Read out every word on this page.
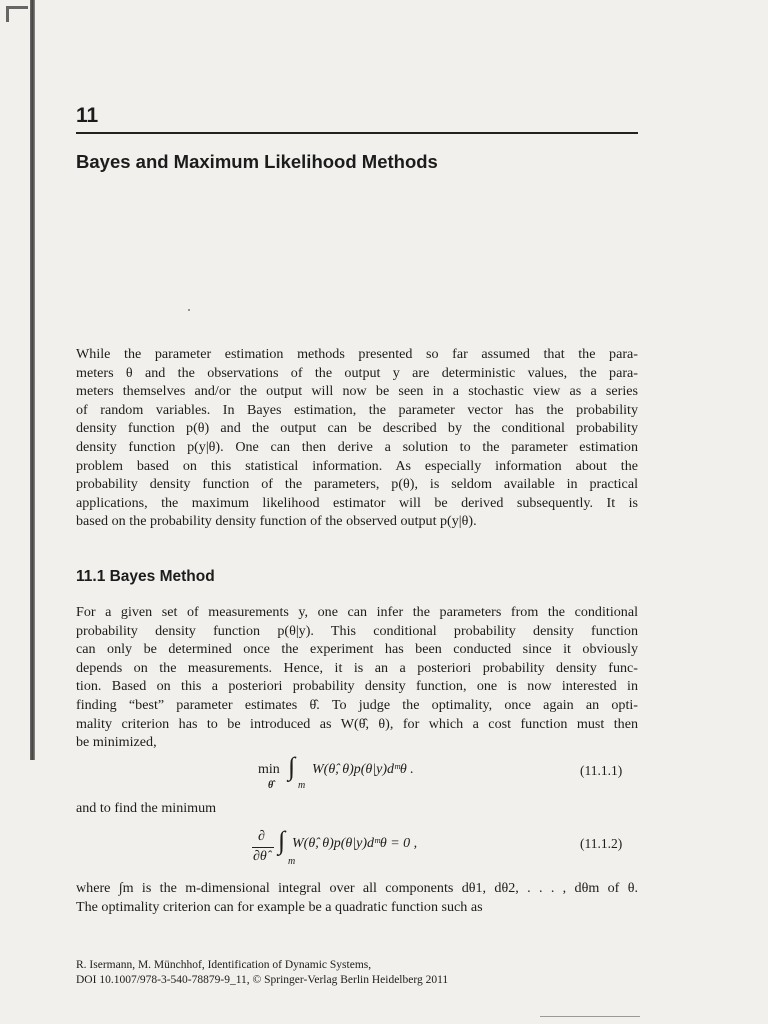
11
Bayes and Maximum Likelihood Methods
While the parameter estimation methods presented so far assumed that the para-
meters θ and the observations of the output y are deterministic values, the para-
meters themselves and/or the output will now be seen in a stochastic view as a series
of random variables. In Bayes estimation, the parameter vector has the probability
density function p(θ) and the output can be described by the conditional probability
density function p(y|θ). One can then derive a solution to the parameter estimation
problem based on this statistical information. As especially information about the
probability density function of the parameters, p(θ), is seldom available in practical
applications, the maximum likelihood estimator will be derived subsequently. It is
based on the probability density function of the observed output p(y|θ).
11.1 Bayes Method
For a given set of measurements y, one can infer the parameters from the conditional
probability density function p(θ|y). This conditional probability density function
can only be determined once the experiment has been conducted since it obviously
depends on the measurements. Hence, it is an a posteriori probability density func-
tion. Based on this a posteriori probability density function, one is now interested in
finding “best” parameter estimates θ̂. To judge the optimality, once again an opti-
mality criterion has to be introduced as W(θ̂, θ), for which a cost function must then
be minimized,
min
θ̂
∫
m
W(θ̂, θ)p(θ|y)dᵐθ .	(11.1.1)
and to find the minimum
∂
∂θ̂
∫
m
W(θ̂, θ)p(θ|y)dᵐθ = 0 ,	(11.1.2)
where ∫m is the m-dimensional integral over all components dθ1, dθ2, . . . , dθm of θ.
The optimality criterion can for example be a quadratic function such as
R. Isermann, M. Münchhof, Identification of Dynamic Systems,
DOI 10.1007/978-3-540-78879-9_11, © Springer-Verlag Berlin Heidelberg 2011
